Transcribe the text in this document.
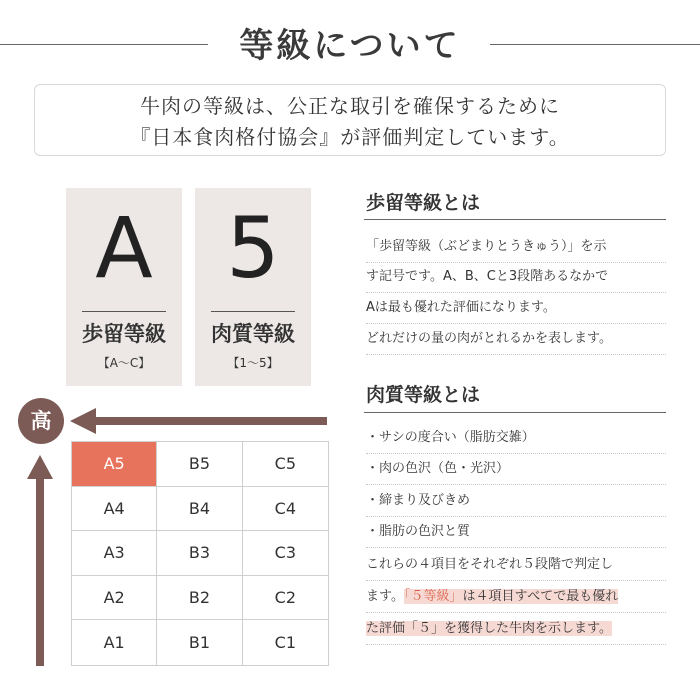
等級について
牛肉の等級は、公正な取引を確保するために
『日本食肉格付協会』が評価判定しています。
A
歩留等級
【A～C】
5
肉質等級
【1～5】
歩留等級とは
「歩留等級（ぶどまりとうきゅう）」を示
す記号です。A、B、Cと3段階あるなかで
Aは最も優れた評価になります。
どれだけの量の肉がとれるかを表します。
肉質等級とは
・サシの度合い（脂肪交雑）
・肉の色沢（色・光沢）
・締まり及びきめ
・脂肪の色沢と質
これらの４項目をそれぞれ５段階で判定し
ます。「５等級」は４項目すべてで最も優れ
た評価「５」を獲得した牛肉を示します。
高
A5	B5	C5
A4	B4	C4
A3	B3	C3
A2	B2	C2
A1	B1	C1
